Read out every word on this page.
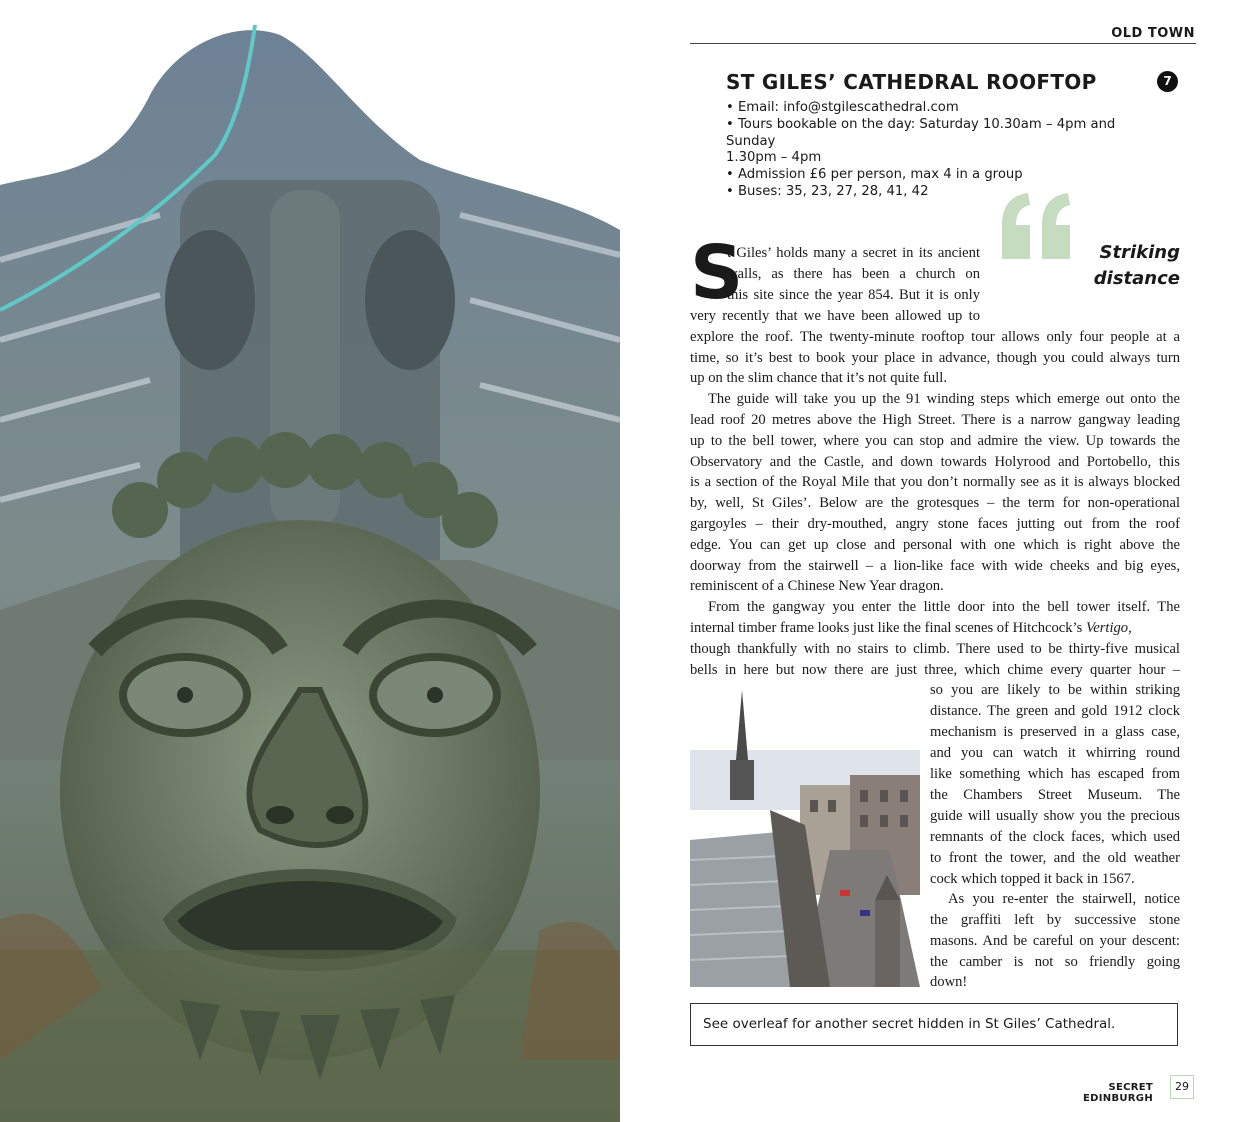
OLD TOWN
ST GILES’ CATHEDRAL ROOFTOP	7
• Email: info@stgilescathedral.com
• Tours bookable on the day: Saturday 10.30am – 4pm and Sunday
1.30pm – 4pm
• Admission £6 per person, max 4 in a group
• Buses: 35, 23, 27, 28, 41, 42
Striking
distance
S
t Giles’ holds many a secret in its ancient
walls, as there has been a church on
this site since the year 854. But it is only
very recently that we have been allowed up to
explore the roof. The twenty-minute rooftop tour allows only four people at a
time, so it’s best to book your place in advance, though you could always turn
up on the slim chance that it’s not quite full.
The guide will take you up the 91 winding steps which emerge out onto the
lead roof 20 metres above the High Street. There is a narrow gangway leading
up to the bell tower, where you can stop and admire the view. Up towards the
Observatory and the Castle, and down towards Holyrood and Portobello, this
is a section of the Royal Mile that you don’t normally see as it is always blocked
by, well, St Giles’. Below are the grotesques – the term for non-operational
gargoyles – their dry-mouthed, angry stone faces jutting out from the roof
edge. You can get up close and personal with one which is right above the
doorway from the stairwell – a lion-like face with wide cheeks and big eyes,
reminiscent of a Chinese New Year dragon.
From the gangway you enter the little door into the bell tower itself. The
internal timber frame looks just like the final scenes of Hitchcock’s Vertigo,
though thankfully with no stairs to climb. There used to be thirty-five musical
bells in here but now there are just three, which chime every quarter hour –
so you are likely to be within striking
distance. The green and gold 1912 clock
mechanism is preserved in a glass case,
and you can watch it whirring round
like something which has escaped from
the Chambers Street Museum. The
guide will usually show you the precious
remnants of the clock faces, which used
to front the tower, and the old weather
cock which topped it back in 1567.
As you re-enter the stairwell, notice
the graffiti left by successive stone
masons. And be careful on your descent:
the camber is not so friendly going
down!
See overleaf for another secret hidden in St Giles’ Cathedral.
SECRET EDINBURGH
29
